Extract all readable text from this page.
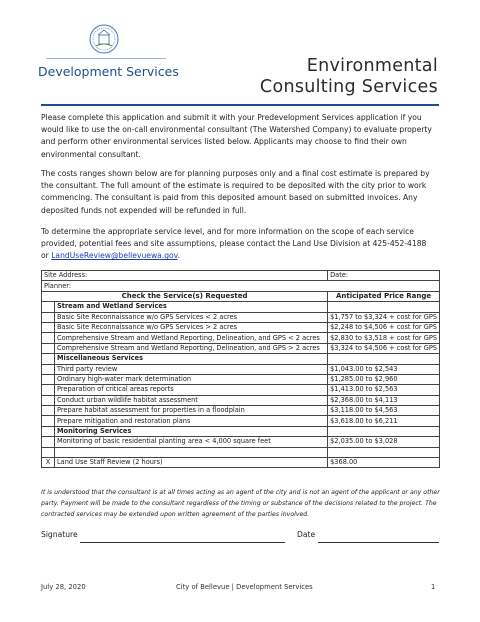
Development Services	Environmental
Consulting Services
Please complete this application and submit it with your Predevelopment Services application if you would like to use the on-call environmental consultant (The Watershed Company) to evaluate property and perform other environmental services listed below. Applicants may choose to find their own environmental consultant.
The costs ranges shown below are for planning purposes only and a final cost estimate is prepared by the consultant. The full amount of the estimate is required to be deposited with the city prior to work commencing. The consultant is paid from this deposited amount based on submitted invoices. Any deposited funds not expended will be refunded in full.
To determine the appropriate service level, and for more information on the scope of each service provided, potential fees and site assumptions, please contact the Land Use Division at 425-452-4188
or LandUseReview@bellevuewa.gov.
Site Address:		Date:
Planner:		
Check the Service(s) Requested		Anticipated Price Range
	Stream and Wetland Services	
	Basic Site Reconnaissance w/o GPS Services < 2 acres	$1,757 to $3,324 + cost for GPS
	Basic Site Reconnaissance w/o GPS Services > 2 acres	$2,248 to $4,506 + cost for GPS
	Comprehensive Stream and Wetland Reporting, Delineation, and GPS < 2 acres	$2,830 to $3,518 + cost for GPS
	Comprehensive Stream and Wetland Reporting, Delineation, and GPS > 2 acres	$3,324 to $4,506 + cost for GPS
	Miscellaneous Services	
	Third party review	$1,043.00 to $2,543
	Ordinary high-water mark determination	$1,285.00 to $2,960
	Preparation of critical areas reports	$1,413.00 to $2,563
	Conduct urban wildlife habitat assessment	$2,368.00 to $4,113
	Prepare habitat assessment for properties in a floodplain	$3,118.00 to $4,563
	Prepare mitigation and restoration plans	$3,618.00 to $6,211
	Monitoring Services	
	Monitoring of basic residential planting area < 4,000 square feet	$2,035.00 to $3,028

X	Land Use Staff Review (2 hours)	$368.00
It is understood that the consultant is at all times acting as an agent of the city and is not an agent of the applicant or any other party. Payment will be made to the consultant regardless of the timing or substance of the decisions related to the project. The contracted services may be extended upon written agreement of the parties involved.
Signature	Date
July 28, 2020	City of Bellevue | Development Services	1
